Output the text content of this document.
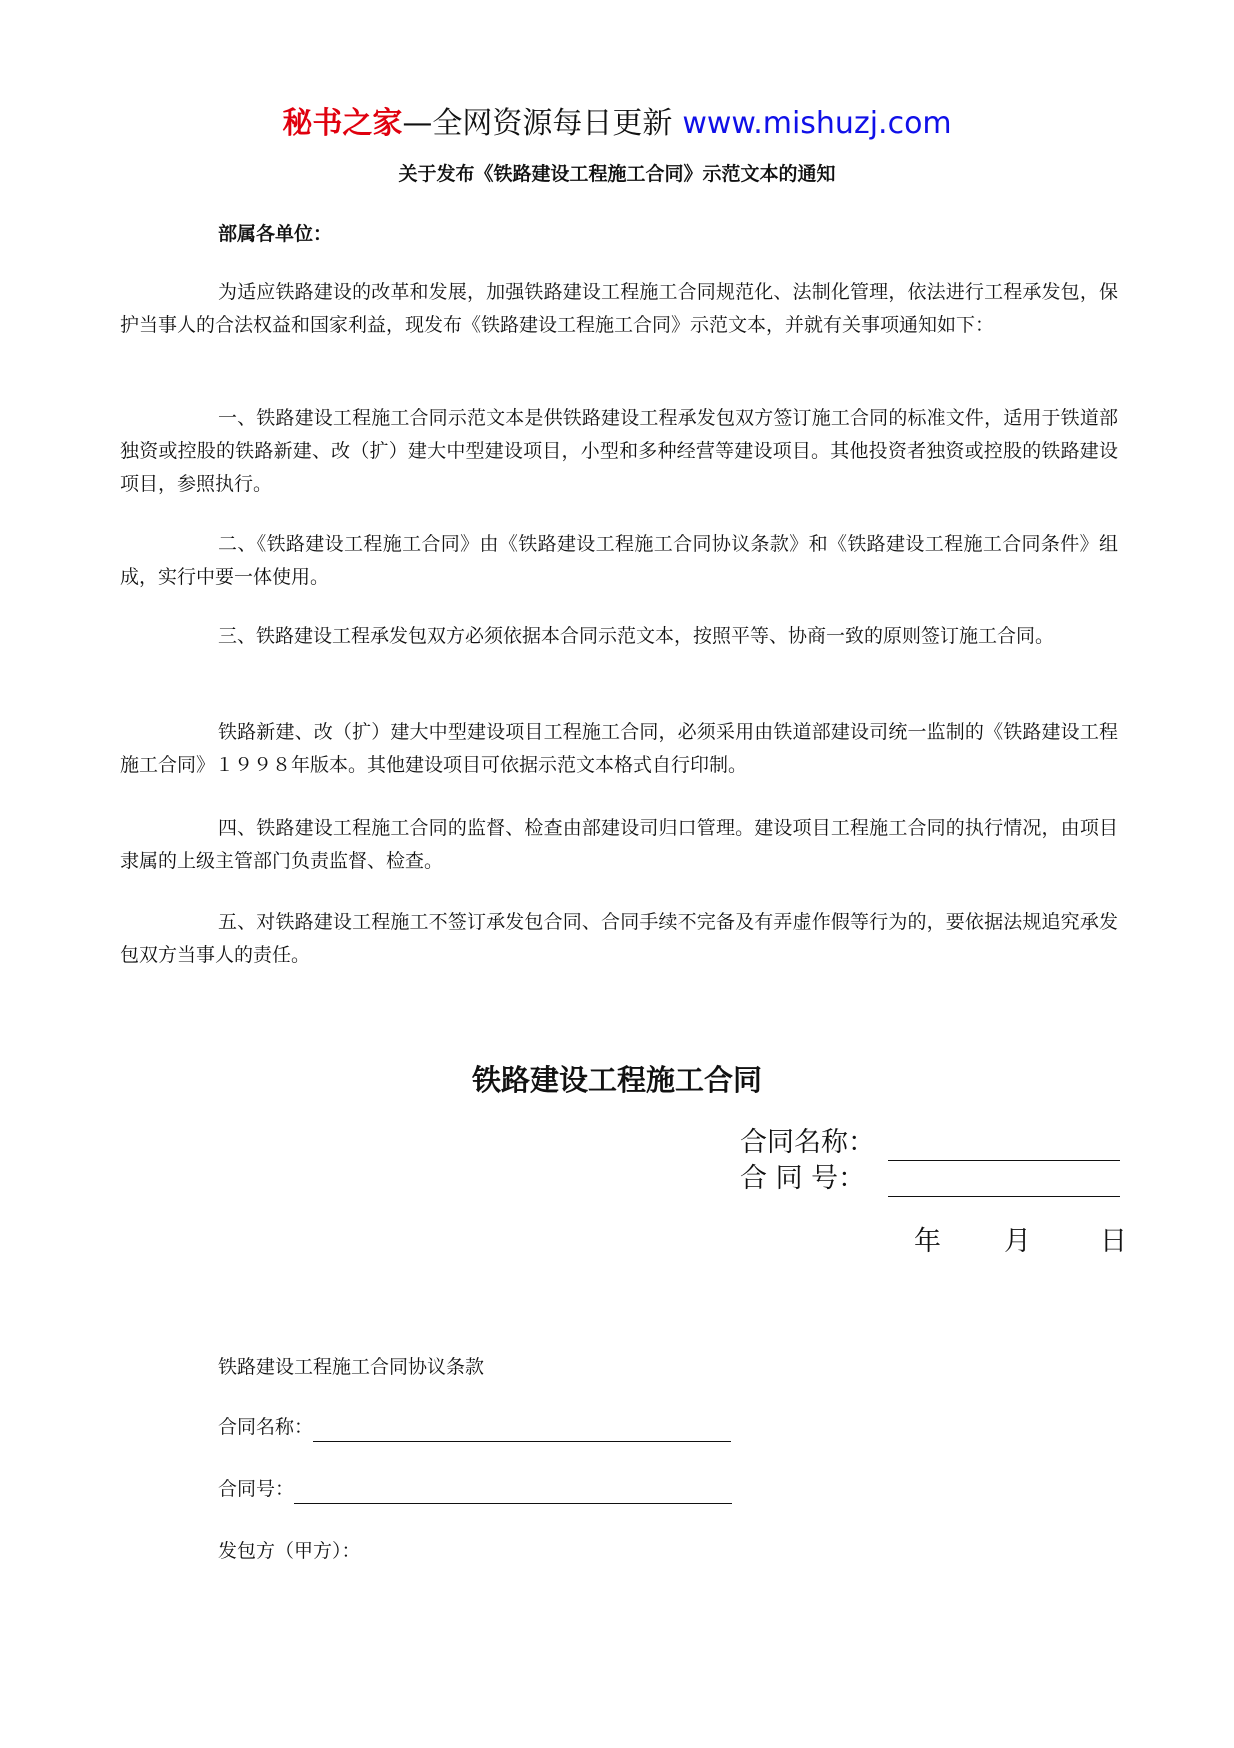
秘书之家—全网资源每日更新 www.mishuzj.com
关于发布《铁路建设工程施工合同》示范文本的通知
部属各单位：

为适应铁路建设的改革和发展，加强铁路建设工程施工合同规范化、法制化管理，依法进行工程承发包，保护当事人的合法权益和国家利益，现发布《铁路建设工程施工合同》示范文本，并就有关事项通知如下：

一、铁路建设工程施工合同示范文本是供铁路建设工程承发包双方签订施工合同的标准文件，适用于铁道部独资或控股的铁路新建、改（扩）建大中型建设项目，小型和多种经营等建设项目。其他投资者独资或控股的铁路建设项目，参照执行。

二、《铁路建设工程施工合同》由《铁路建设工程施工合同协议条款》和《铁路建设工程施工合同条件》组成，实行中要一体使用。

三、铁路建设工程承发包双方必须依据本合同示范文本，按照平等、协商一致的原则签订施工合同。

铁路新建、改（扩）建大中型建设项目工程施工合同，必须采用由铁道部建设司统一监制的《铁路建设工程施工合同》１９９８年版本。其他建设项目可依据示范文本格式自行印制。

四、铁路建设工程施工合同的监督、检查由部建设司归口管理。建设项目工程施工合同的执行情况，由项目隶属的上级主管部门负责监督、检查。

五、对铁路建设工程施工不签订承发包合同、合同手续不完备及有弄虚作假等行为的，要依据法规追究承发包双方当事人的责任。

铁路建设工程施工合同
合同名称：
合 同 号：
年 月	日
铁路建设工程施工合同协议条款
合同名称：
合同号：
发包方（甲方）：
